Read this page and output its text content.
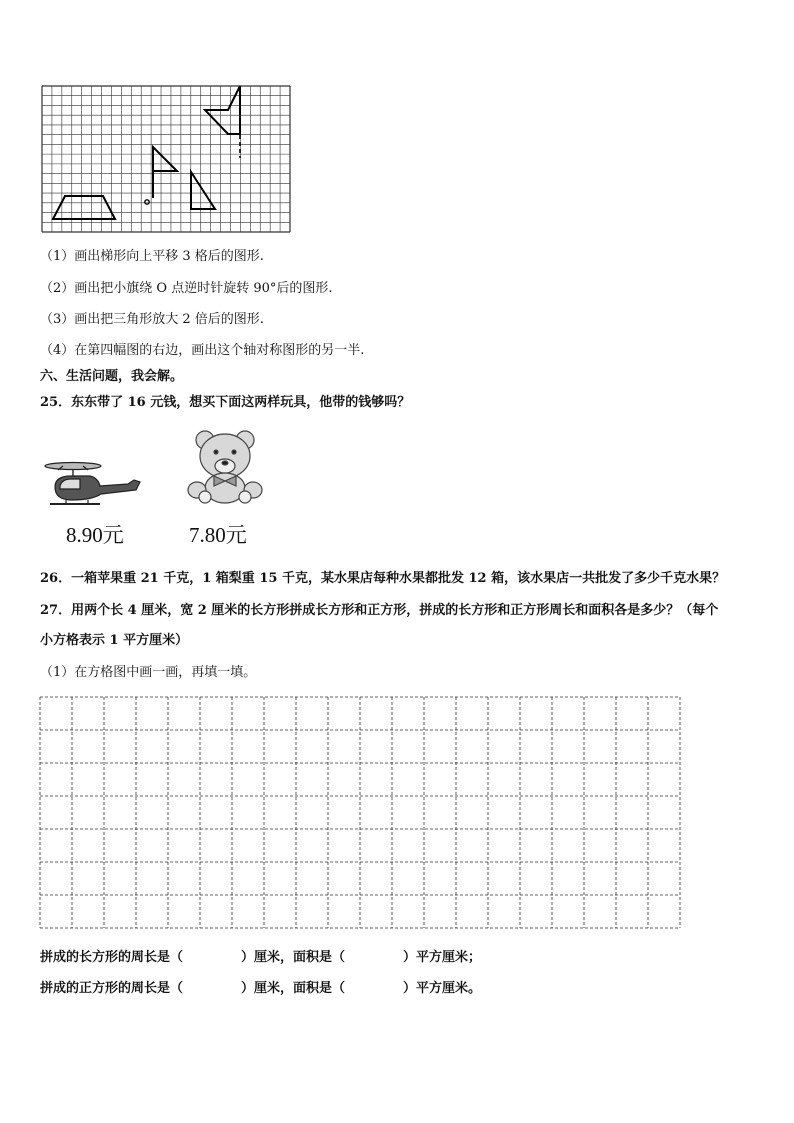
（1）画出梯形向上平移 3 格后的图形.
（2）画出把小旗绕 O 点逆时针旋转 90°后的图形.
（3）画出把三角形放大 2 倍后的图形.
（4）在第四幅图的右边，画出这个轴对称图形的另一半.
六、生活问题，我会解。
25．东东带了 16 元钱，想买下面这两样玩具，他带的钱够吗？
8.90元	7.80元
26．一箱苹果重 21 千克，1 箱梨重 15 千克，某水果店每种水果都批发 12 箱，该水果店一共批发了多少千克水果？
27．用两个长 4 厘米，宽 2 厘米的长方形拼成长方形和正方形，拼成的长方形和正方形周长和面积各是多少？（每个
小方格表示 1 平方厘米）
（1）在方格图中画一画，再填一填。
拼成的长方形的周长是（	）厘米，面积是（	）平方厘米；
拼成的正方形的周长是（	）厘米，面积是（	）平方厘米。
